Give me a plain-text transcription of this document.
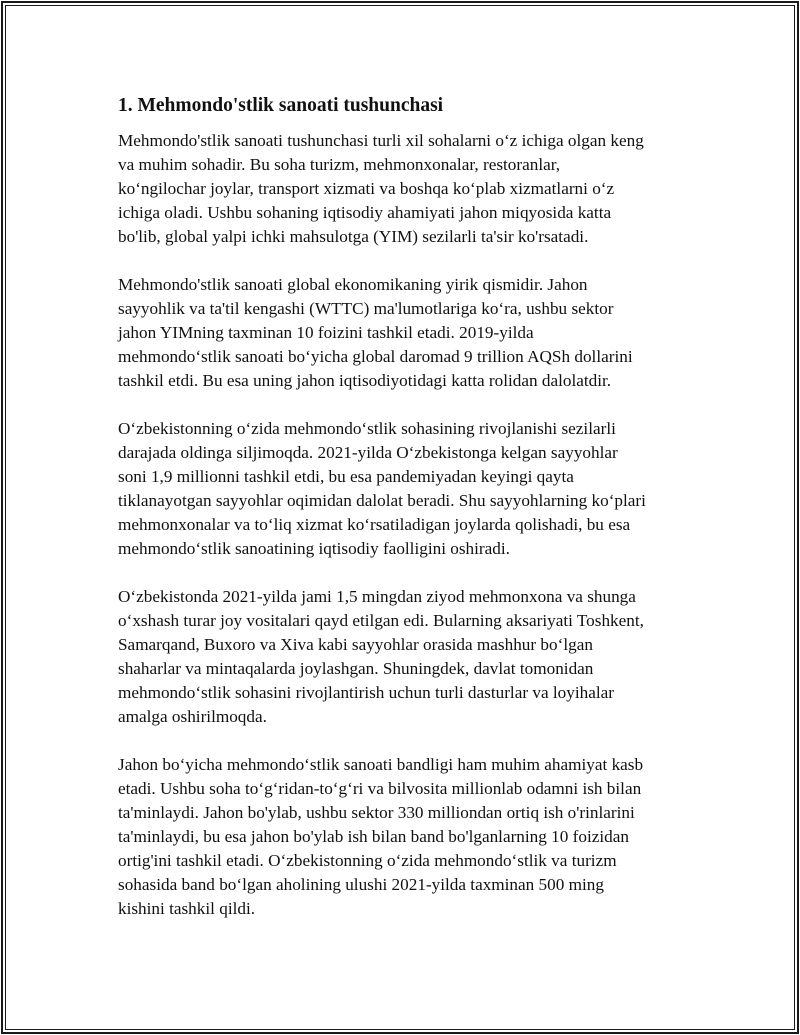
1. Mehmondo'stlik sanoati tushunchasi
Mehmondo'stlik sanoati tushunchasi turli xil sohalarni o‘z ichiga olgan keng
va muhim sohadir. Bu soha turizm, mehmonxonalar, restoranlar,
ko‘ngilochar joylar, transport xizmati va boshqa ko‘plab xizmatlarni o‘z
ichiga oladi. Ushbu sohaning iqtisodiy ahamiyati jahon miqyosida katta
bo'lib, global yalpi ichki mahsulotga (YIM) sezilarli ta'sir ko'rsatadi.
Mehmondo'stlik sanoati global ekonomikaning yirik qismidir. Jahon
sayyohlik va ta'til kengashi (WTTC) ma'lumotlariga ko‘ra, ushbu sektor
jahon YIMning taxminan 10 foizini tashkil etadi. 2019-yilda
mehmondo‘stlik sanoati bo‘yicha global daromad 9 trillion AQSh dollarini
tashkil etdi. Bu esa uning jahon iqtisodiyotidagi katta rolidan dalolatdir.
O‘zbekistonning o‘zida mehmondo‘stlik sohasining rivojlanishi sezilarli
darajada oldinga siljimoqda. 2021-yilda O‘zbekistonga kelgan sayyohlar
soni 1,9 millionni tashkil etdi, bu esa pandemiyadan keyingi qayta
tiklanayotgan sayyohlar oqimidan dalolat beradi. Shu sayyohlarning ko‘plari
mehmonxonalar va to‘liq xizmat ko‘rsatiladigan joylarda qolishadi, bu esa
mehmondo‘stlik sanoatining iqtisodiy faolligini oshiradi.
O‘zbekistonda 2021-yilda jami 1,5 mingdan ziyod mehmonxona va shunga
o‘xshash turar joy vositalari qayd etilgan edi. Bularning aksariyati Toshkent,
Samarqand, Buxoro va Xiva kabi sayyohlar orasida mashhur bo‘lgan
shaharlar va mintaqalarda joylashgan. Shuningdek, davlat tomonidan
mehmondo‘stlik sohasini rivojlantirish uchun turli dasturlar va loyihalar
amalga oshirilmoqda.
Jahon bo‘yicha mehmondo‘stlik sanoati bandligi ham muhim ahamiyat kasb
etadi. Ushbu soha to‘g‘ridan-to‘g‘ri va bilvosita millionlab odamni ish bilan
ta'minlaydi. Jahon bo'ylab, ushbu sektor 330 milliondan ortiq ish o'rinlarini
ta'minlaydi, bu esa jahon bo'ylab ish bilan band bo'lganlarning 10 foizidan
ortig'ini tashkil etadi. O‘zbekistonning o‘zida mehmondo‘stlik va turizm
sohasida band bo‘lgan aholining ulushi 2021-yilda taxminan 500 ming
kishini tashkil qildi.
